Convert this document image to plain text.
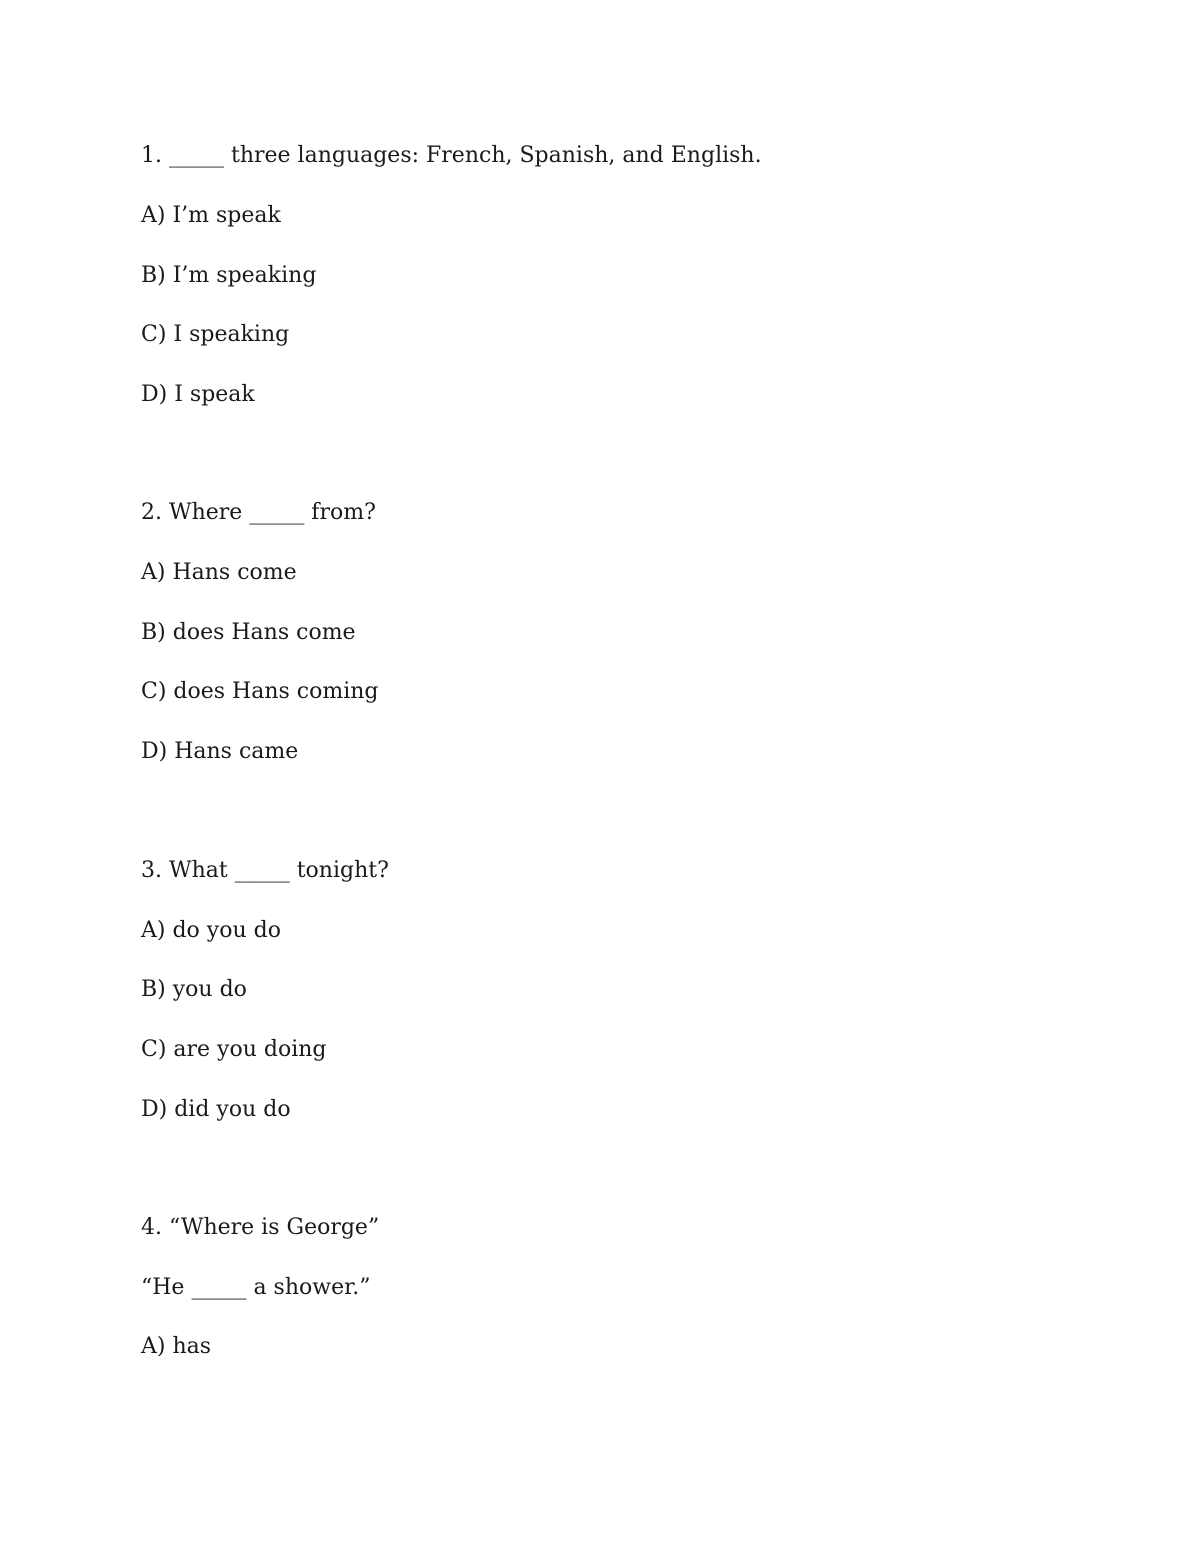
1. _____ three languages: French, Spanish, and English.

A) I’m speak

B) I’m speaking

C) I speaking

D) I speak

2. Where _____ from?

A) Hans come

B) does Hans come

C) does Hans coming

D) Hans came

3. What _____ tonight?

A) do you do

B) you do

C) are you doing

D) did you do

4. “Where is George”

“He _____ a shower.”

A) has
